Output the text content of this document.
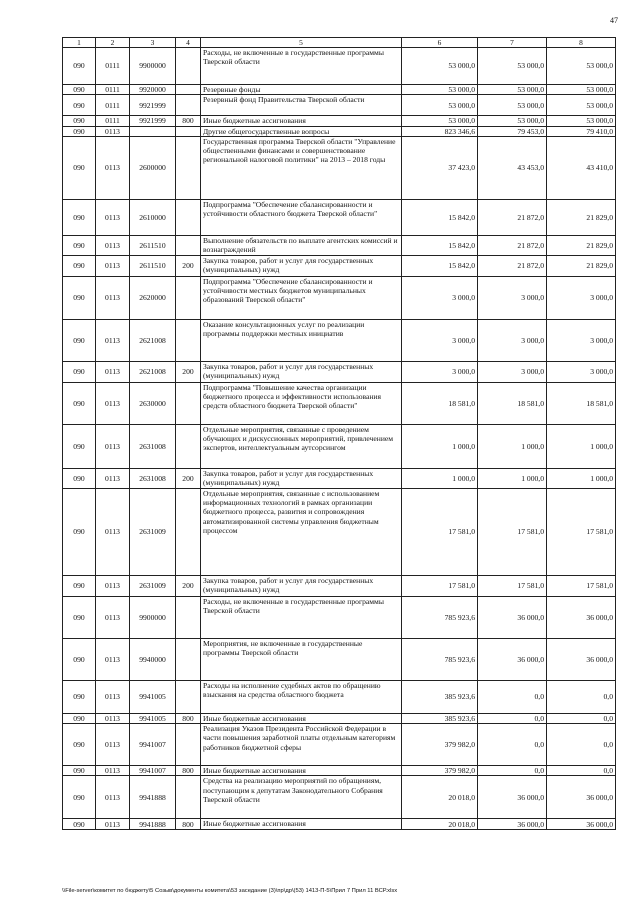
47
1	2	3	4	5	6	7	8
090	0111	9900000		Расходы, не включенные в государственные программы Тверской области	53 000,0	53 000,0	53 000,0
090	0111	9920000		Резервные фонды	53 000,0	53 000,0	53 000,0
090	0111	9921999		Резервный фонд Правительства Тверской области	53 000,0	53 000,0	53 000,0
090	0111	9921999	800	Иные бюджетные ассигнования	53 000,0	53 000,0	53 000,0
090	0113			Другие общегосударственные вопросы	823 346,6	79 453,0	79 410,0
090	0113	2600000		Государственная программа Тверской области "Управление общественными финансами и совершенствование региональной налоговой политики" на 2013 – 2018 годы	37 423,0	43 453,0	43 410,0
090	0113	2610000		Подпрограмма "Обеспечение сбалансированности и устойчивости областного бюджета Тверской области"	15 842,0	21 872,0	21 829,0
090	0113	2611510		Выполнение обязательств по выплате агентских комиссий и вознаграждений	15 842,0	21 872,0	21 829,0
090	0113	2611510	200	Закупка товаров, работ и услуг для государственных (муниципальных) нужд	15 842,0	21 872,0	21 829,0
090	0113	2620000		Подпрограмма "Обеспечение сбалансированности и устойчивости местных бюджетов муниципальных образований Тверской области"	3 000,0	3 000,0	3 000,0
090	0113	2621008		Оказание консультационных услуг по реализации программы поддержки местных инициатив	3 000,0	3 000,0	3 000,0
090	0113	2621008	200	Закупка товаров, работ и услуг для государственных (муниципальных) нужд	3 000,0	3 000,0	3 000,0
090	0113	2630000		Подпрограмма "Повышение качества организации бюджетного процесса и эффективности использования средств областного бюджета Тверской области"	18 581,0	18 581,0	18 581,0
090	0113	2631008		Отдельные мероприятия, связанные с проведением обучающих и дискуссионных мероприятий, привлечением экспертов, интеллектуальным аутсорсингом	1 000,0	1 000,0	1 000,0
090	0113	2631008	200	Закупка товаров, работ и услуг для государственных (муниципальных) нужд	1 000,0	1 000,0	1 000,0
090	0113	2631009		Отдельные мероприятия, связанные с использованием информационных технологий в рамках организации бюджетного процесса, развития и сопровождения автоматизированной системы управления бюджетным процессом	17 581,0	17 581,0	17 581,0
090	0113	2631009	200	Закупка товаров, работ и услуг для государственных (муниципальных) нужд	17 581,0	17 581,0	17 581,0
090	0113	9900000		Расходы, не включенные в государственные программы Тверской области	785 923,6	36 000,0	36 000,0
090	0113	9940000		Мероприятия, не включенные в государственные программы Тверской области	785 923,6	36 000,0	36 000,0
090	0113	9941005		Расходы на исполнение судебных актов по обращению взыскания на средства областного бюджета	385 923,6	0,0	0,0
090	0113	9941005	800	Иные бюджетные ассигнования	385 923,6	0,0	0,0
090	0113	9941007		Реализация Указов Президента Российской Федерации в части повышения заработной платы отдельным категориям работников бюджетной сферы	379 982,0	0,0	0,0
090	0113	9941007	800	Иные бюджетные ассигнования	379 982,0	0,0	0,0
090	0113	9941888		Средства на реализацию мероприятий по обращениям, поступающим к депутатам Законодательного Собрания Тверской области	20 018,0	36 000,0	36 000,0
090	0113	9941888	800	Иные бюджетные ассигнования	20 018,0	36 000,0	36 000,0
\\File-server\комитет по бюджету\5 Созыв\документы комитета\53 заседание (3)\пр\др\(53) 1413-П-5\Прил 7 Прил 11 ВСР.xlsx
